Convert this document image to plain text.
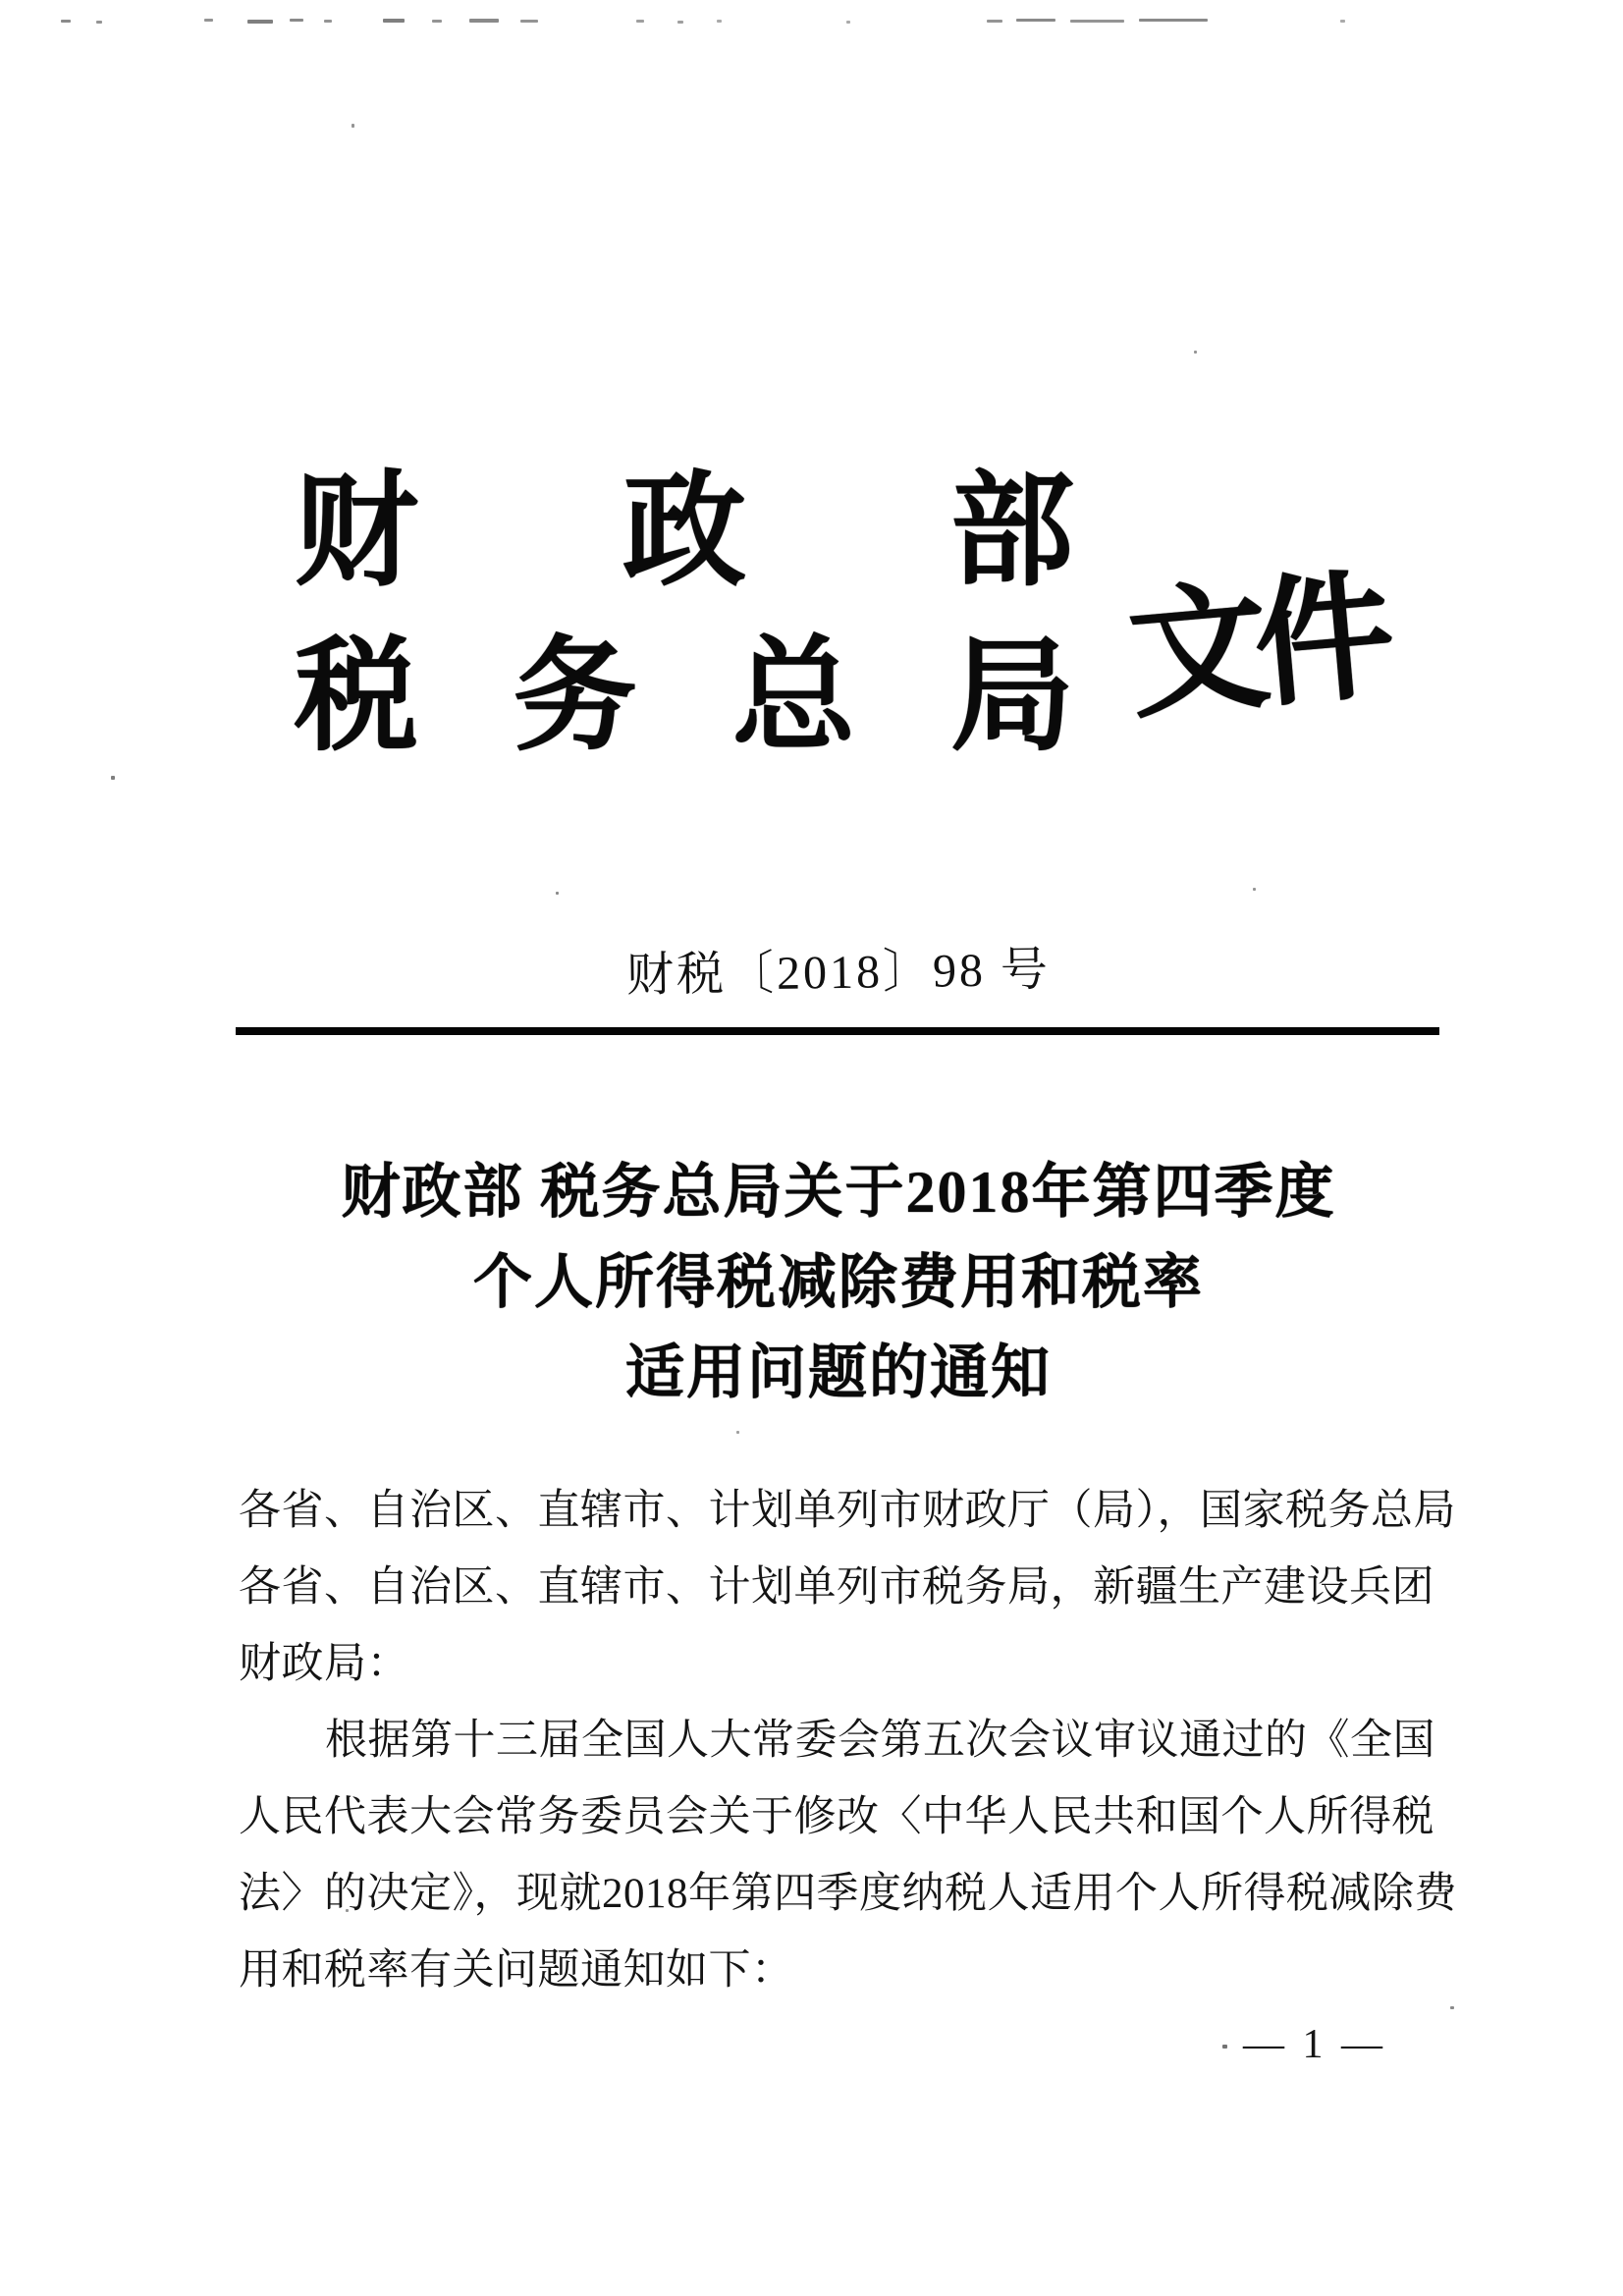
财 政 部
税 务 总 局 文件
财税〔2018〕98 号
财政部 税务总局关于2018年第四季度
个人所得税减除费用和税率
适用问题的通知
各省、自治区、直辖市、计划单列市财政厅（局），国家税务总局
各省、自治区、直辖市、计划单列市税务局，新疆生产建设兵团
财政局：
根据第十三届全国人大常委会第五次会议审议通过的《全国
人民代表大会常务委员会关于修改〈中华人民共和国个人所得税
法〉的决定》，现就2018年第四季度纳税人适用个人所得税减除费
用和税率有关问题通知如下：
— 1 —
